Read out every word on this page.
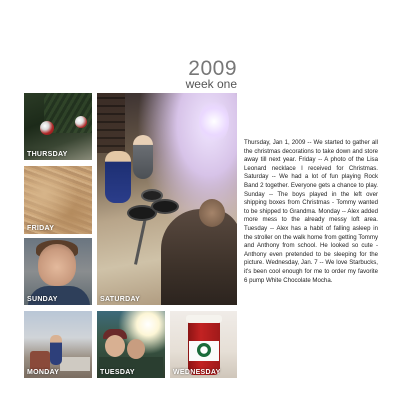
2009
week one
THURSDAY
FRIDAY
SUNDAY	SATURDAY
MONDAY	TUESDAY	WEDNESDAY
Thursday, Jan 1, 2009 -- We started to gather all the christmas decorations to take down and store away till next year. Friday -- A photo of the Lisa Leonard necklace I received for Christmas. Saturday -- We had a lot of fun playing Rock Band 2 together. Everyone gets a chance to play. Sunday -- The boys played in the left over shipping boxes from Christmas - Tommy wanted to be shipped to Grandma. Monday -- Alex added more mess to the already messy loft area. Tuesday -- Alex has a habit of falling asleep in the stroller on the walk home from getting Tommy and Anthony from school. He looked so cute - Anthony even pretended to be sleeping for the picture. Wednesday, Jan. 7 -- We love Starbucks, it's been cool enough for me to order my favorite 6 pump White Chocolate Mocha.
